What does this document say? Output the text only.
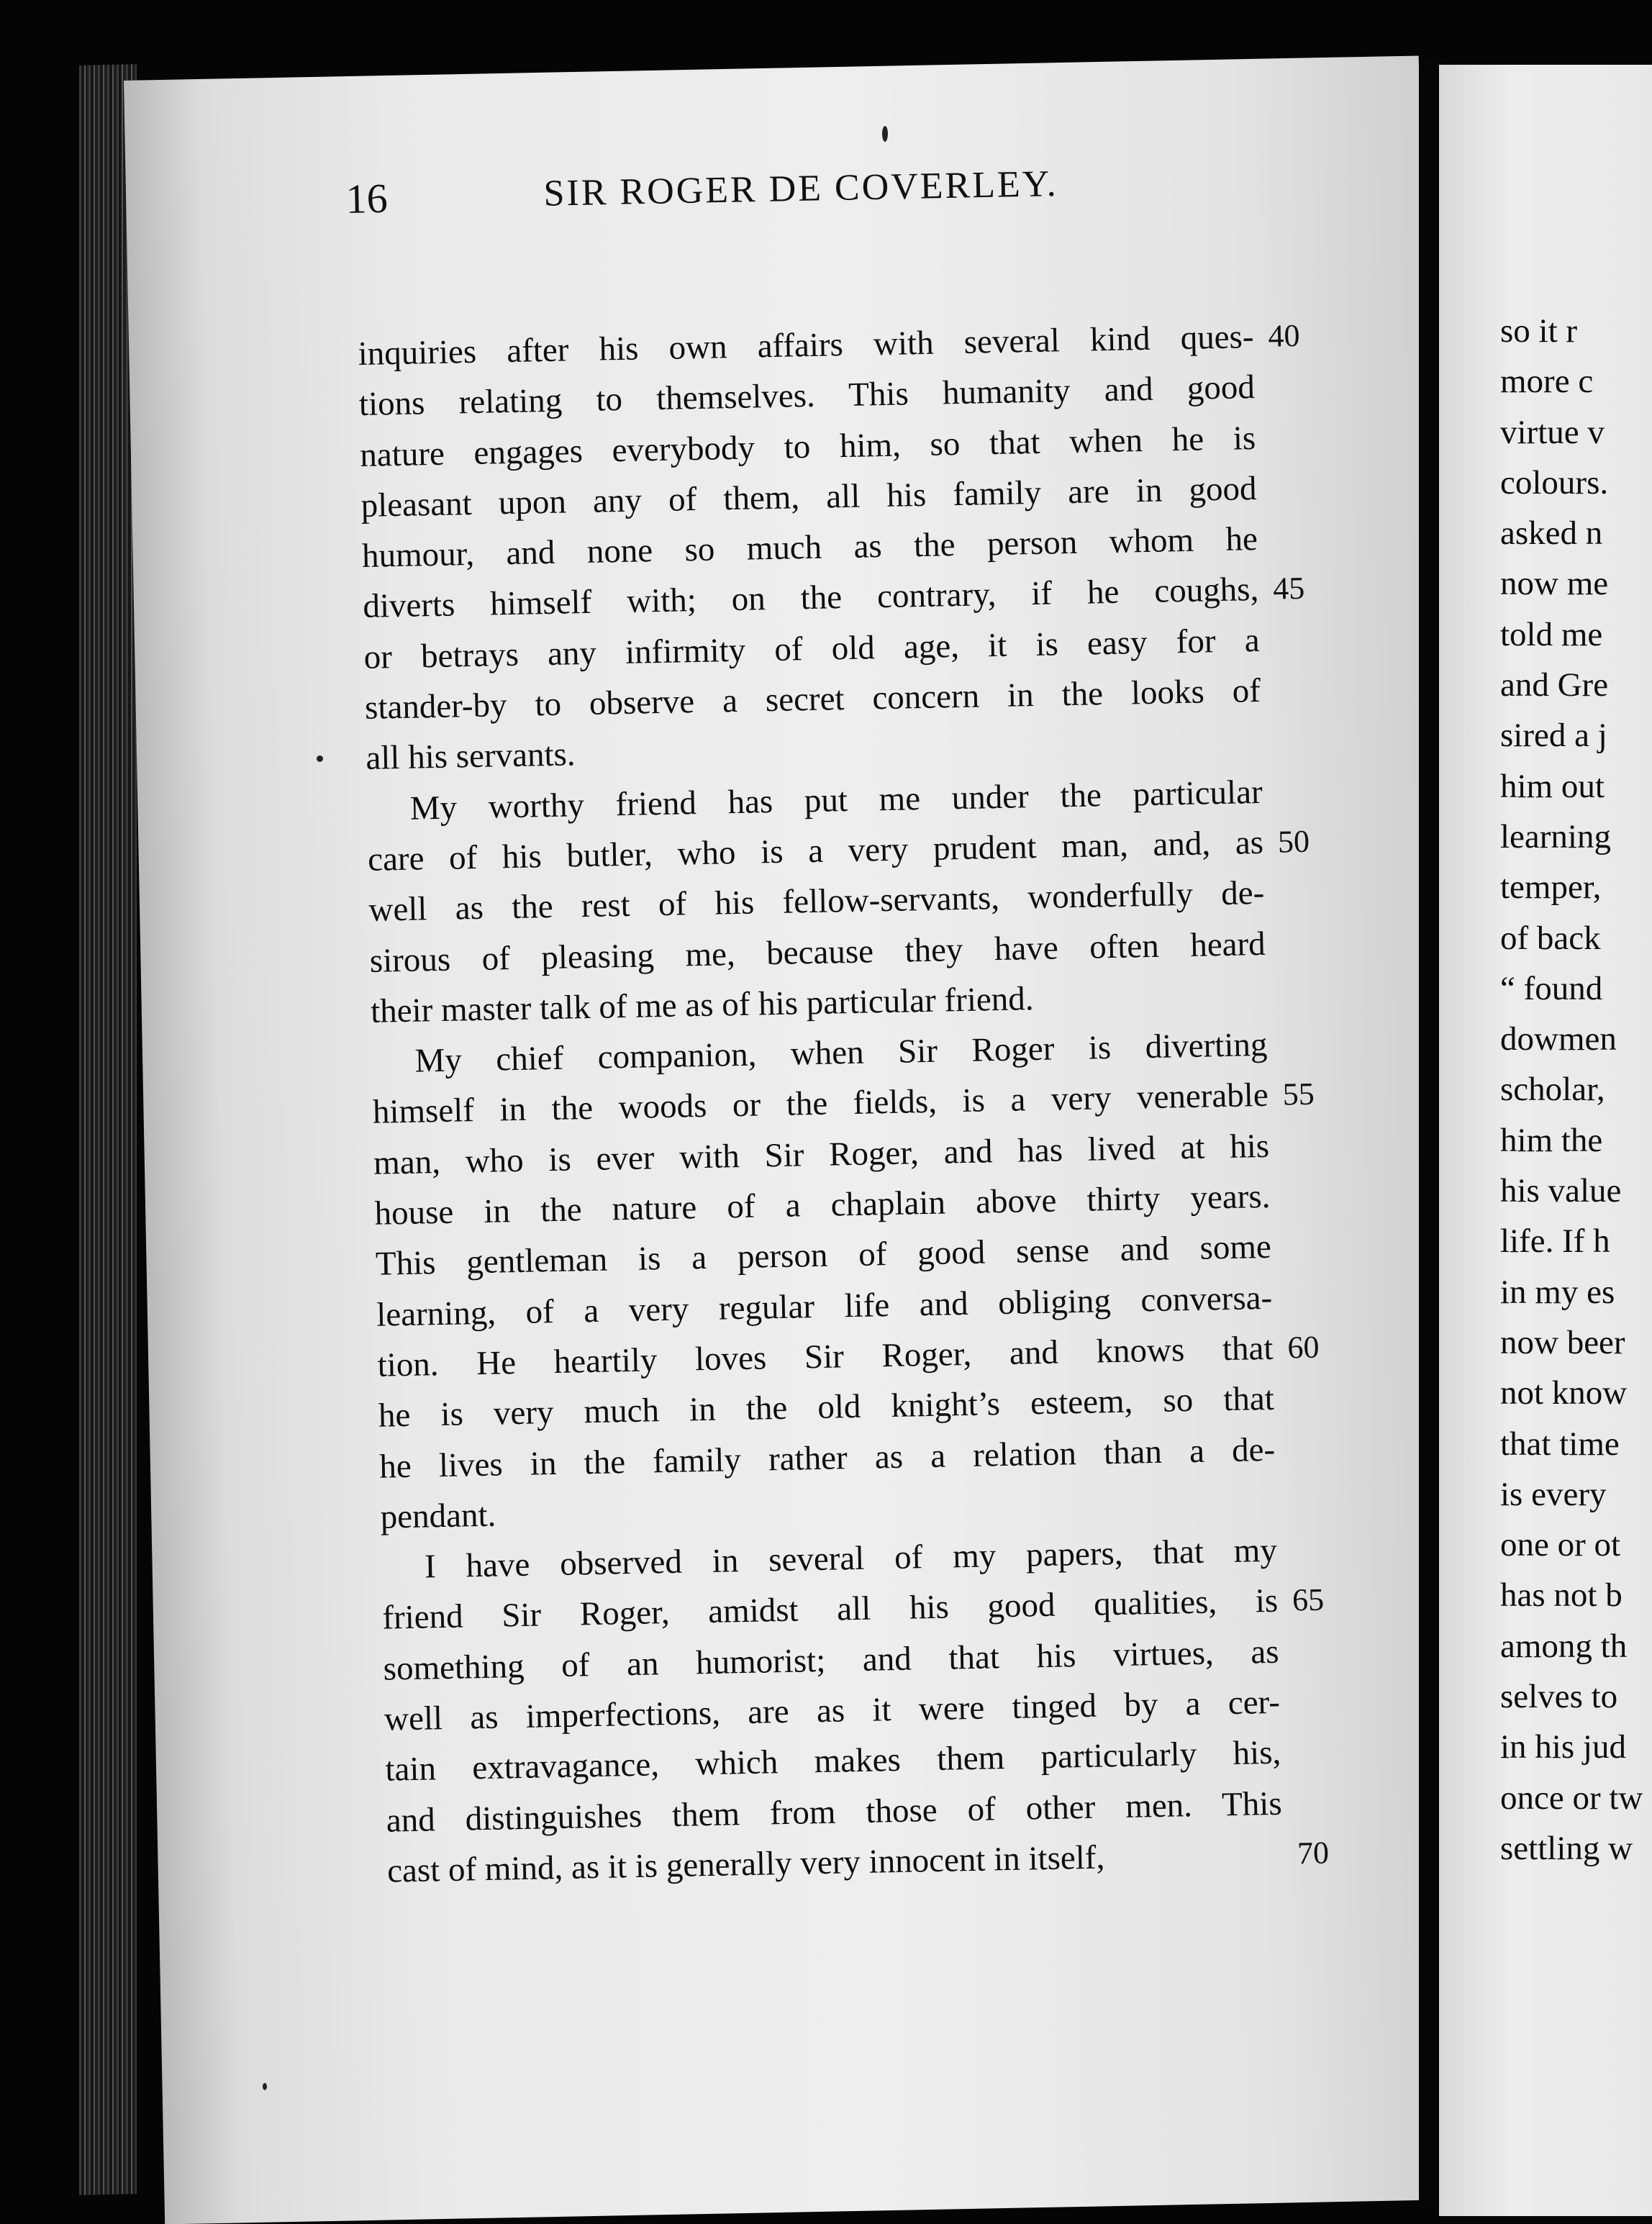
16	SIR ROGER DE COVERLEY.
inquiries after his own affairs with several kind ques- 40
tions relating to themselves. This humanity and good
nature engages everybody to him, so that when he is
pleasant upon any of them, all his family are in good
humour, and none so much as the person whom he
diverts himself with; on the contrary, if he coughs, 45
or betrays any infirmity of old age, it is easy for a
stander-by to observe a secret concern in the looks of
all his servants.
My worthy friend has put me under the particular
care of his butler, who is a very prudent man, and, as 50
well as the rest of his fellow-servants, wonderfully de-
sirous of pleasing me, because they have often heard
their master talk of me as of his particular friend.
My chief companion, when Sir Roger is diverting
himself in the woods or the fields, is a very venerable 55
man, who is ever with Sir Roger, and has lived at his
house in the nature of a chaplain above thirty years.
This gentleman is a person of good sense and some
learning, of a very regular life and obliging conversa-
tion. He heartily loves Sir Roger, and knows that 60
he is very much in the old knight’s esteem, so that
he lives in the family rather as a relation than a de-
pendant.
I have observed in several of my papers, that my
friend Sir Roger, amidst all his good qualities, is 65
something of an humorist; and that his virtues, as
well as imperfections, are as it were tinged by a cer-
tain extravagance, which makes them particularly his,
and distinguishes them from those of other men. This
cast of mind, as it is generally very innocent in itself,	70
so it r
more c
virtue v
colours.
asked n
now me
told me
and Gre
sired a j
him out
learning
temper,
of back
“ found
dowmen
scholar,
him the
his value
life. If h
in my es
now beer
not know
that time
is every
one or ot
has not b
among th
selves to
in his jud
once or tw
settling w
